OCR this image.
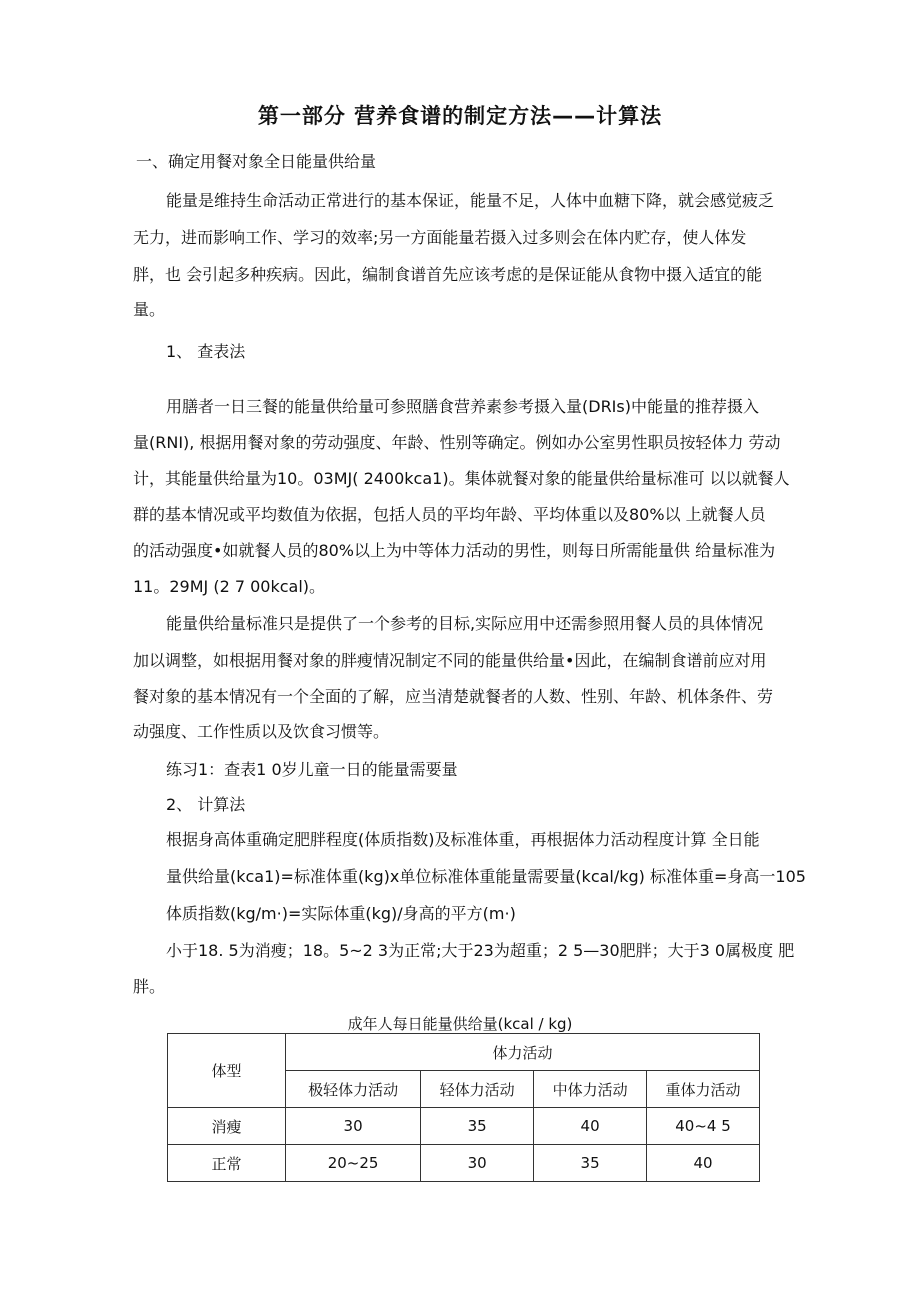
第一部分 营养食谱的制定方法——计算法
一、确定用餐对象全日能量供给量
能量是维持生命活动正常进行的基本保证，能量不足，人体中血糖下降，就会感觉疲乏
无力，进而影响工作、学习的效率;另一方面能量若摄入过多则会在体内贮存，使人体发
胖，也 会引起多种疾病。因此，编制食谱首先应该考虑的是保证能从食物中摄入适宜的能
量。
1、 查表法
用膳者一日三餐的能量供给量可参照膳食营养素参考摄入量(DRIs)中能量的推荐摄入
量(RNI), 根据用餐对象的劳动强度、年龄、性别等确定。例如办公室男性职员按轻体力 劳动
计，其能量供给量为10。03MJ( 2400kca1)。集体就餐对象的能量供给量标准可 以以就餐人
群的基本情况或平均数值为依据，包括人员的平均年龄、平均体重以及80%以 上就餐人员
的活动强度•如就餐人员的80%以上为中等体力活动的男性，则每日所需能量供 给量标准为
11。29MJ (2 7 00kcal)。
能量供给量标准只是提供了一个参考的目标,实际应用中还需参照用餐人员的具体情况
加以调整，如根据用餐对象的胖瘦情况制定不同的能量供给量•因此，在编制食谱前应对用
餐对象的基本情况有一个全面的了解，应当清楚就餐者的人数、性别、年龄、机体条件、劳
动强度、工作性质以及饮食习惯等。
练习1：查表1 0岁儿童一日的能量需要量
2、 计算法
根据身高体重确定肥胖程度(体质指数)及标准体重，再根据体力活动程度计算 全日能
量供给量(kca1)=标准体重(kg)x单位标准体重能量需要量(kcal/kg) 标准体重=身高一105
体质指数(kg/m·)=实际体重(kg)/身高的平方(m·)
小于18. 5为消瘦；18。5~2 3为正常;大于23为超重；2 5—30肥胖；大于3 0属极度 肥
胖。
成年人每日能量供给量(kcal / kg)
体型	体力活动			
	极轻体力活动	轻体力活动	中体力活动	重体力活动
消瘦	30	35	40	40~4 5
正常	20~25	30	35	40
